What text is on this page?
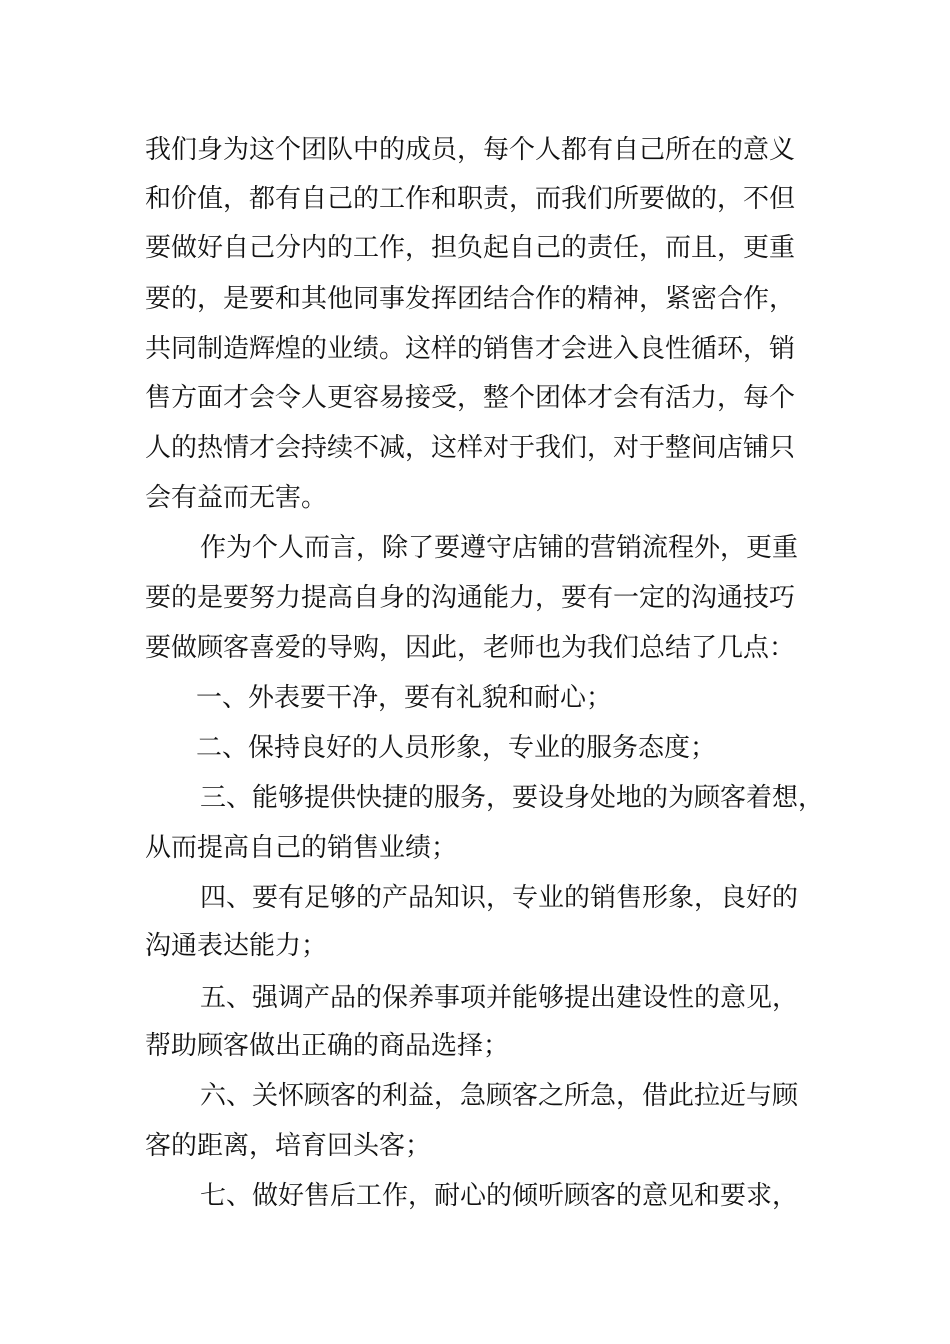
我们身为这个团队中的成员，每个人都有自己所在的意义
和价值，都有自己的工作和职责，而我们所要做的，不但
要做好自己分内的工作，担负起自己的责任，而且，更重
要的，是要和其他同事发挥团结合作的精神，紧密合作，
共同制造辉煌的业绩。这样的销售才会进入良性循环，销
售方面才会令人更容易接受，整个团体才会有活力，每个
人的热情才会持续不减，这样对于我们，对于整间店铺只
会有益而无害。
作为个人而言，除了要遵守店铺的营销流程外，更重
要的是要努力提高自身的沟通能力，要有一定的沟通技巧
要做顾客喜爱的导购，因此，老师也为我们总结了几点：
一、外表要干净，要有礼貌和耐心；
二、保持良好的人员形象，专业的服务态度；
三、能够提供快捷的服务，要设身处地的为顾客着想，
从而提高自己的销售业绩；
四、要有足够的产品知识，专业的销售形象，良好的
沟通表达能力；
五、强调产品的保养事项并能够提出建设性的意见，
帮助顾客做出正确的商品选择；
六、关怀顾客的利益，急顾客之所急，借此拉近与顾
客的距离，培育回头客；
七、做好售后工作，耐心的倾听顾客的意见和要求，
